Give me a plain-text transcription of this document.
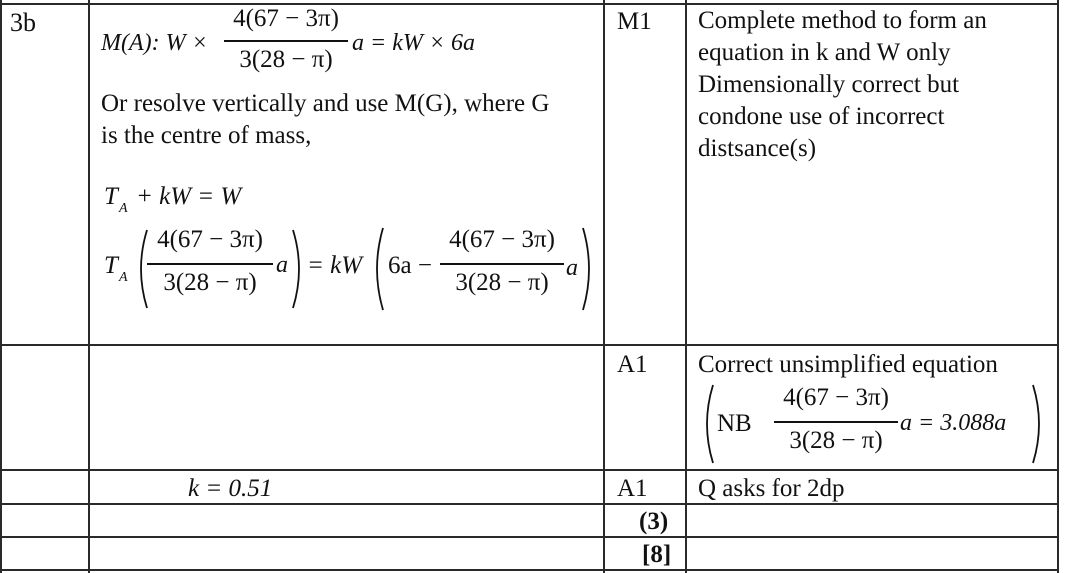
3b
M(A): W ×
4(67 − 3π)
3(28 − π)
a = kW × 6a
Or resolve vertically and use M(G), where G
is the centre of mass,
T A + kW = W
T A
4(67 − 3π)
3(28 − π)
a = kW 6a −
4(67 − 3π)
3(28 − π)
a
M1 Complete method to form an
equation in k and W only
Dimensionally correct but
condone use of incorrect
distsance(s)
A1 Correct unsimplified equation
NB
4(67 − 3π)
3(28 − π)
a = 3.088a
k = 0.51	A1 Q asks for 2dp
(3)
[8]
